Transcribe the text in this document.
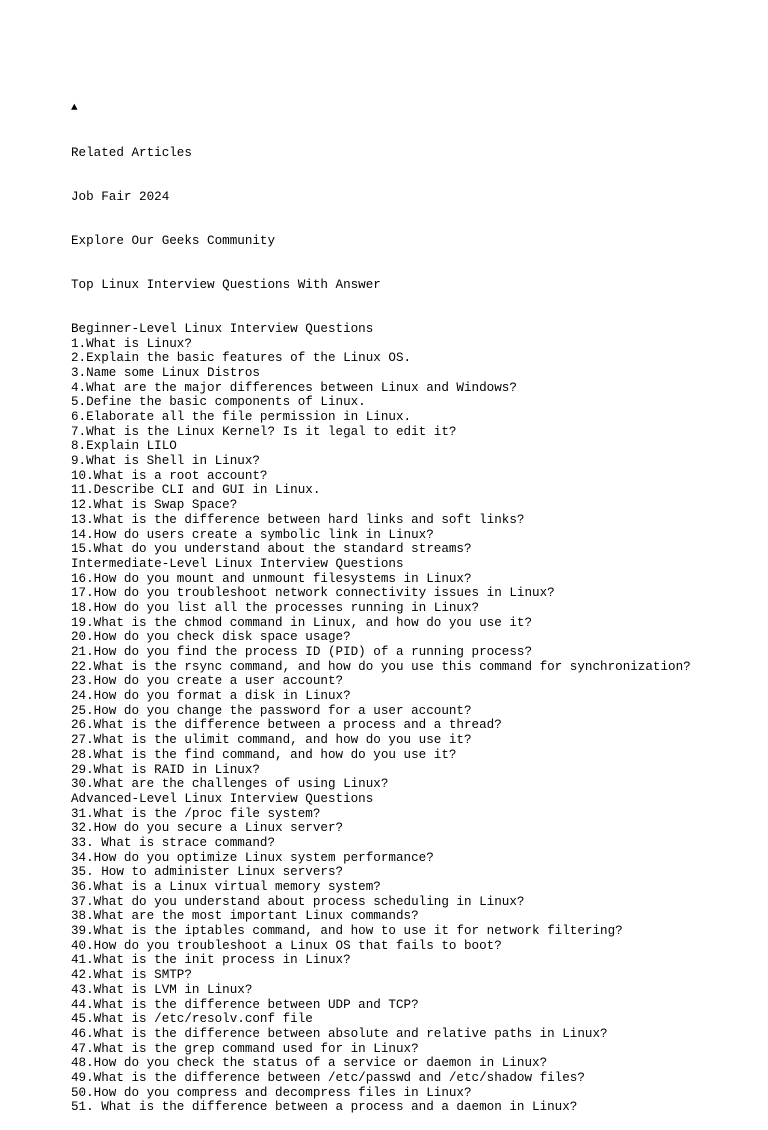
▲

Related Articles

Job Fair 2024

Explore Our Geeks Community

Top Linux Interview Questions With Answer

Beginner-Level Linux Interview Questions
1.What is Linux?
2.Explain the basic features of the Linux OS.
3.Name some Linux Distros
4.What are the major differences between Linux and Windows?
5.Define the basic components of Linux.
6.Elaborate all the file permission in Linux.
7.What is the Linux Kernel? Is it legal to edit it?
8.Explain LILO
9.What is Shell in Linux?
10.What is a root account?
11.Describe CLI and GUI in Linux.
12.What is Swap Space?
13.What is the difference between hard links and soft links?
14.How do users create a symbolic link in Linux?
15.What do you understand about the standard streams?
Intermediate-Level Linux Interview Questions
16.How do you mount and unmount filesystems in Linux?
17.How do you troubleshoot network connectivity issues in Linux?
18.How do you list all the processes running in Linux?
19.What is the chmod command in Linux, and how do you use it?
20.How do you check disk space usage?
21.How do you find the process ID (PID) of a running process?
22.What is the rsync command, and how do you use this command for synchronization?
23.How do you create a user account?
24.How do you format a disk in Linux?
25.How do you change the password for a user account?
26.What is the difference between a process and a thread?
27.What is the ulimit command, and how do you use it?
28.What is the find command, and how do you use it?
29.What is RAID in Linux?
30.What are the challenges of using Linux?
Advanced-Level Linux Interview Questions
31.What is the /proc file system?
32.How do you secure a Linux server?
33. What is strace command?
34.How do you optimize Linux system performance?
35. How to administer Linux servers?
36.What is a Linux virtual memory system?
37.What do you understand about process scheduling in Linux?
38.What are the most important Linux commands?
39.What is the iptables command, and how to use it for network filtering?
40.How do you troubleshoot a Linux OS that fails to boot?
41.What is the init process in Linux?
42.What is SMTP?
43.What is LVM in Linux?
44.What is the difference between UDP and TCP?
45.What is /etc/resolv.conf file
46.What is the difference between absolute and relative paths in Linux?
47.What is the grep command used for in Linux?
48.How do you check the status of a service or daemon in Linux?
49.What is the difference between /etc/passwd and /etc/shadow files?
50.How do you compress and decompress files in Linux?
51. What is the difference between a process and a daemon in Linux?
